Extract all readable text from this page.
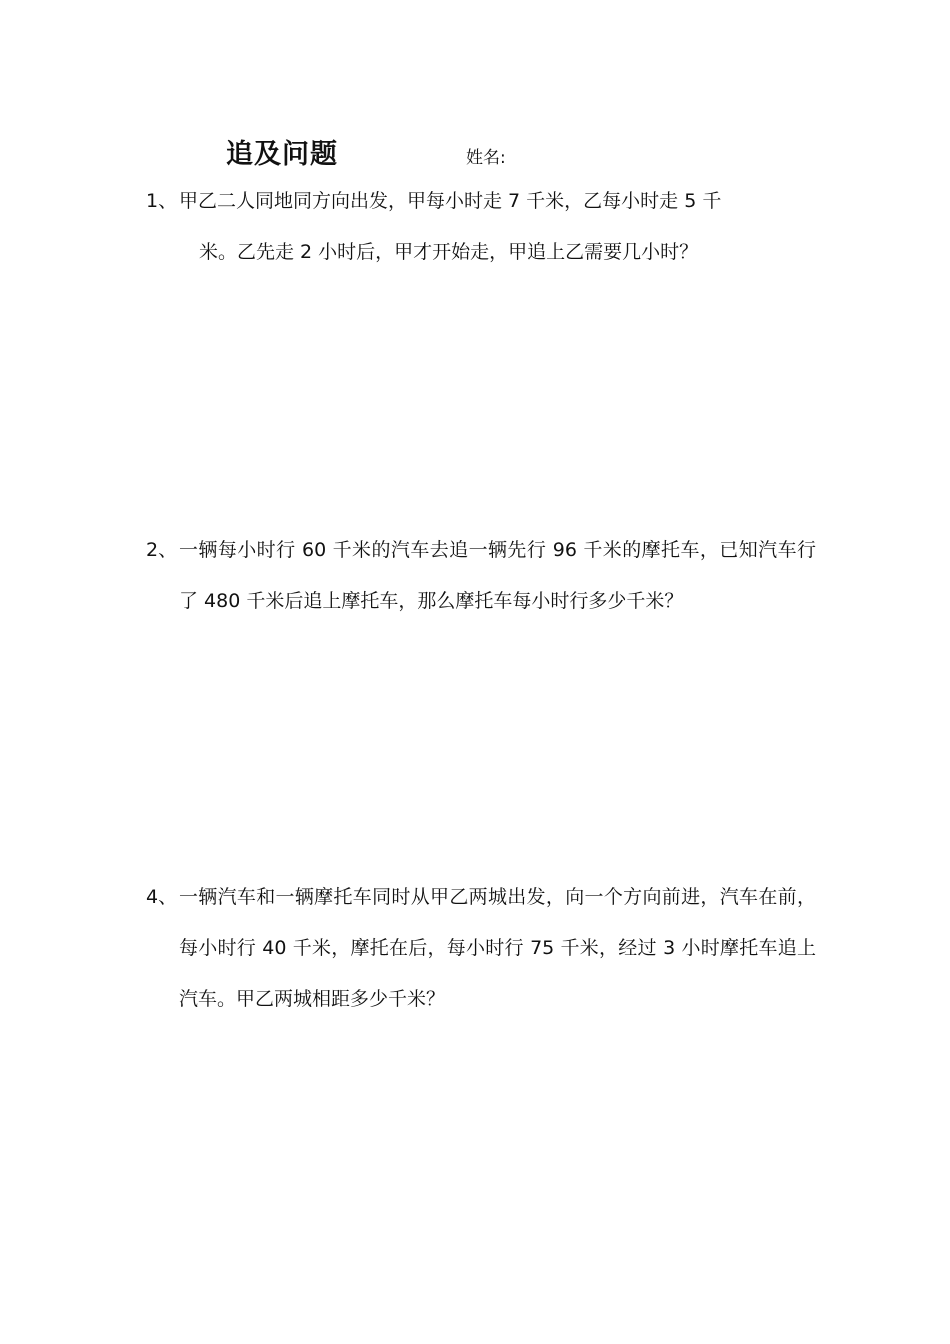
追及问题	姓名:
1、 甲乙二人同地同方向出发，甲每小时走 7 千米，乙每小时走 5 千
米。乙先走 2 小时后，甲才开始走，甲追上乙需要几小时？
2、 一辆每小时行 60 千米的汽车去追一辆先行 96 千米的摩托车，已知汽车行了 480 千米后追上摩托车，那么摩托车每小时行多少千米？
4、 一辆汽车和一辆摩托车同时从甲乙两城出发，向一个方向前进，汽车在前，每小时行 40 千米，摩托在后，每小时行 75 千米，经过 3 小时摩托车追上汽车。甲乙两城相距多少千米？
